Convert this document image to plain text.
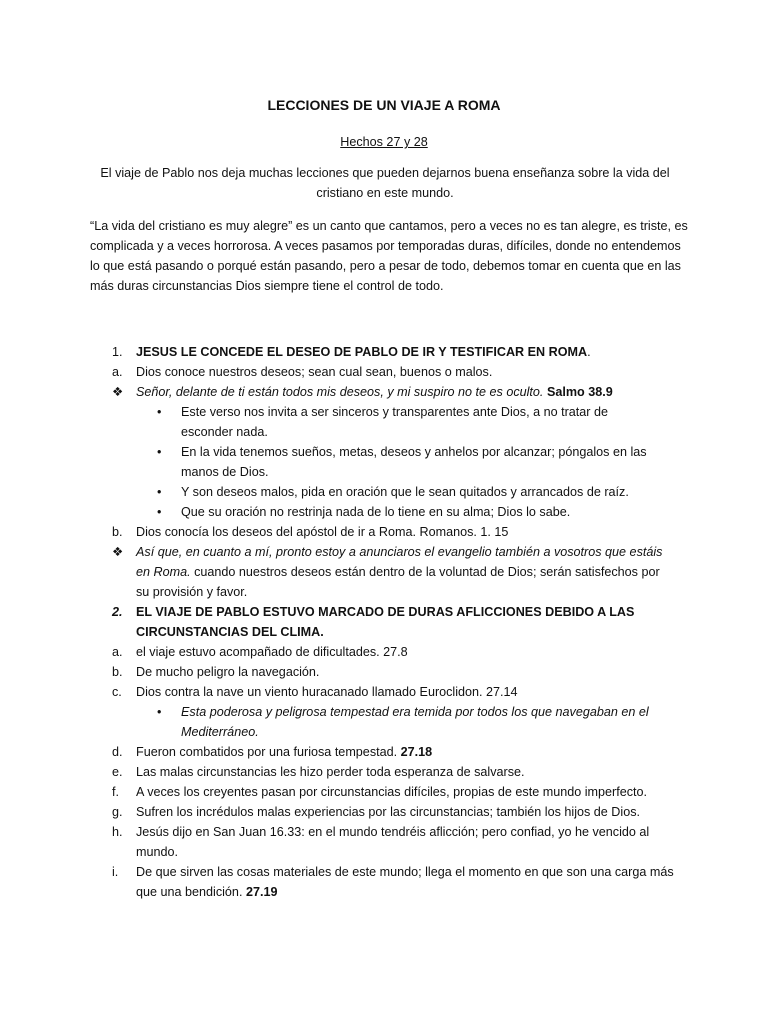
LECCIONES DE UN VIAJE A ROMA
Hechos 27 y 28
El viaje de Pablo nos deja muchas lecciones que pueden dejarnos buena enseñanza sobre la vida del cristiano en este mundo.
“La vida del cristiano es muy alegre” es un canto que cantamos, pero a veces no es tan alegre, es triste, es complicada y a veces horrorosa. A veces pasamos por temporadas duras, difíciles, donde no entendemos lo que está pasando o porqué están pasando, pero a pesar de todo, debemos tomar en cuenta que en las más duras circunstancias Dios siempre tiene el control de todo.
1. JESUS LE CONCEDE EL DESEO DE PABLO DE IR Y TESTIFICAR EN ROMA.
a. Dios conoce nuestros deseos; sean cual sean, buenos o malos.
❖ Señor, delante de ti están todos mis deseos, y mi suspiro no te es oculto. Salmo 38.9
• Este verso nos invita a ser sinceros y transparentes ante Dios, a no tratar de esconder nada.
• En la vida tenemos sueños, metas, deseos y anhelos por alcanzar; póngalos en las manos de Dios.
• Y son deseos malos, pida en oración que le sean quitados y arrancados de raíz.
• Que su oración no restrinja nada de lo tiene en su alma; Dios lo sabe.
b. Dios conocía los deseos del apóstol de ir a Roma. Romanos. 1. 15
❖ Así que, en cuanto a mí, pronto estoy a anunciaros el evangelio también a vosotros que estáis en Roma. cuando nuestros deseos están dentro de la voluntad de Dios; serán satisfechos por su provisión y favor.
2. EL VIAJE DE PABLO ESTUVO MARCADO DE DURAS AFLICCIONES DEBIDO A LAS CIRCUNSTANCIAS DEL CLIMA.
a. el viaje estuvo acompañado de dificultades. 27.8
b. De mucho peligro la navegación.
c. Dios contra la nave un viento huracanado llamado Euroclidon. 27.14
• Esta poderosa y peligrosa tempestad era temida por todos los que navegaban en el Mediterráneo.
d. Fueron combatidos por una furiosa tempestad. 27.18
e. Las malas circunstancias les hizo perder toda esperanza de salvarse.
f. A veces los creyentes pasan por circunstancias difíciles, propias de este mundo imperfecto.
g. Sufren los incrédulos malas experiencias por las circunstancias; también los hijos de Dios.
h. Jesús dijo en San Juan 16.33: en el mundo tendréis aflicción; pero confiad, yo he vencido al mundo.
i. De que sirven las cosas materiales de este mundo; llega el momento en que son una carga más que una bendición. 27.19
